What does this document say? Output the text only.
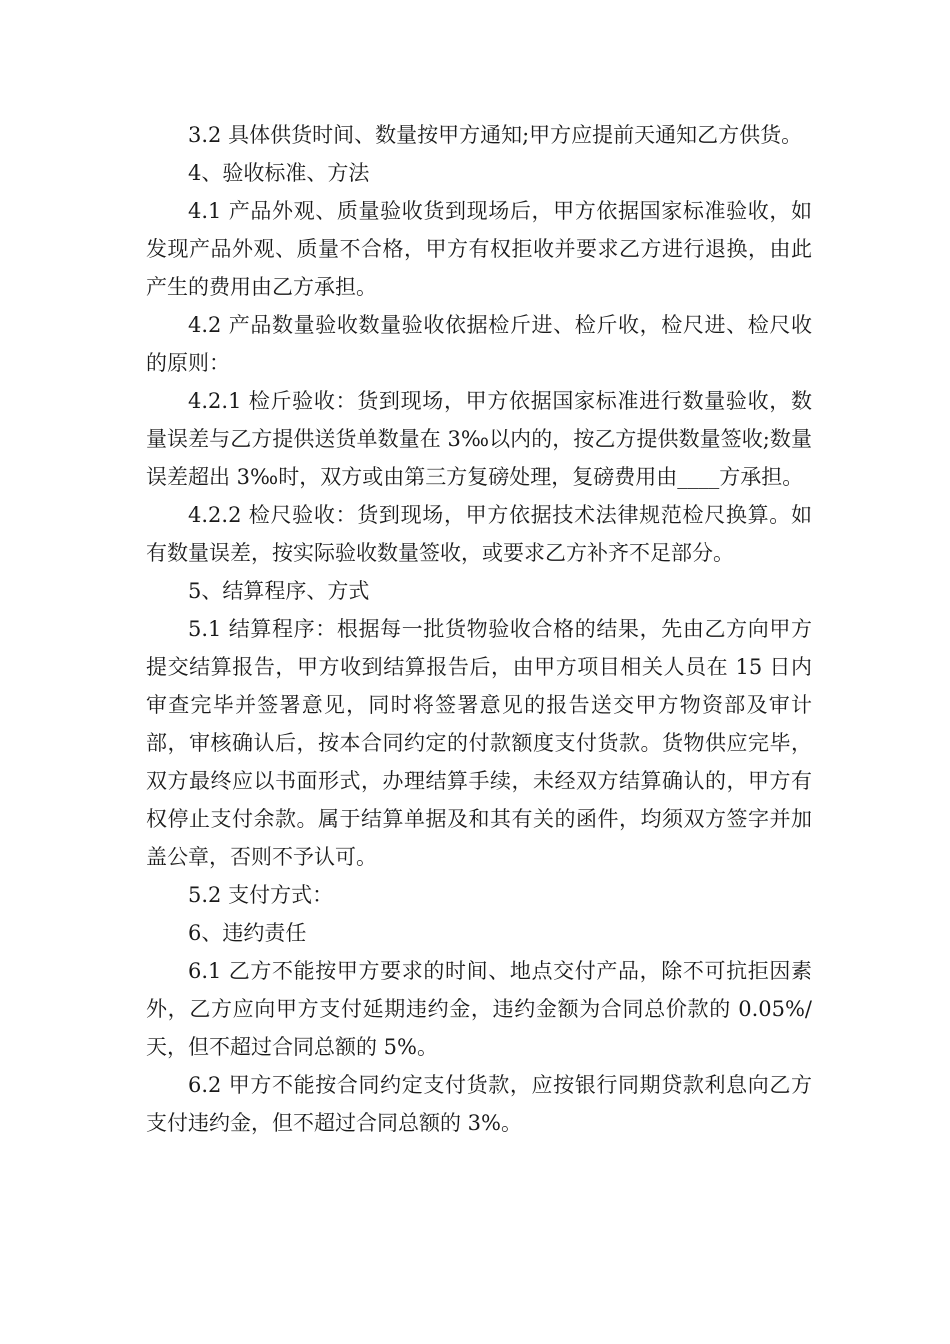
3.2 具体供货时间、数量按甲方通知;甲方应提前天通知乙方供货。

4、验收标准、方法

4.1 产品外观、质量验收货到现场后，甲方依据国家标准验收，如发现产品外观、质量不合格，甲方有权拒收并要求乙方进行退换，由此产生的费用由乙方承担。

4.2 产品数量验收数量验收依据检斤进、检斤收，检尺进、检尺收的原则：

4.2.1 检斤验收：货到现场，甲方依据国家标准进行数量验收，数量误差与乙方提供送货单数量在 3‰以内的，按乙方提供数量签收;数量误差超出 3‰时，双方或由第三方复磅处理，复磅费用由____方承担。

4.2.2 检尺验收：货到现场，甲方依据技术法律规范检尺换算。如有数量误差，按实际验收数量签收，或要求乙方补齐不足部分。

5、结算程序、方式

5.1 结算程序：根据每一批货物验收合格的结果，先由乙方向甲方提交结算报告，甲方收到结算报告后，由甲方项目相关人员在 15 日内审查完毕并签署意见，同时将签署意见的报告送交甲方物资部及审计部，审核确认后，按本合同约定的付款额度支付货款。货物供应完毕，双方最终应以书面形式，办理结算手续，未经双方结算确认的，甲方有权停止支付余款。属于结算单据及和其有关的函件，均须双方签字并加盖公章，否则不予认可。

5.2 支付方式：

6、违约责任

6.1 乙方不能按甲方要求的时间、地点交付产品，除不可抗拒因素外，乙方应向甲方支付延期违约金，违约金额为合同总价款的 0.05%/天，但不超过合同总额的 5%。

6.2 甲方不能按合同约定支付货款，应按银行同期贷款利息向乙方支付违约金，但不超过合同总额的 3%。
